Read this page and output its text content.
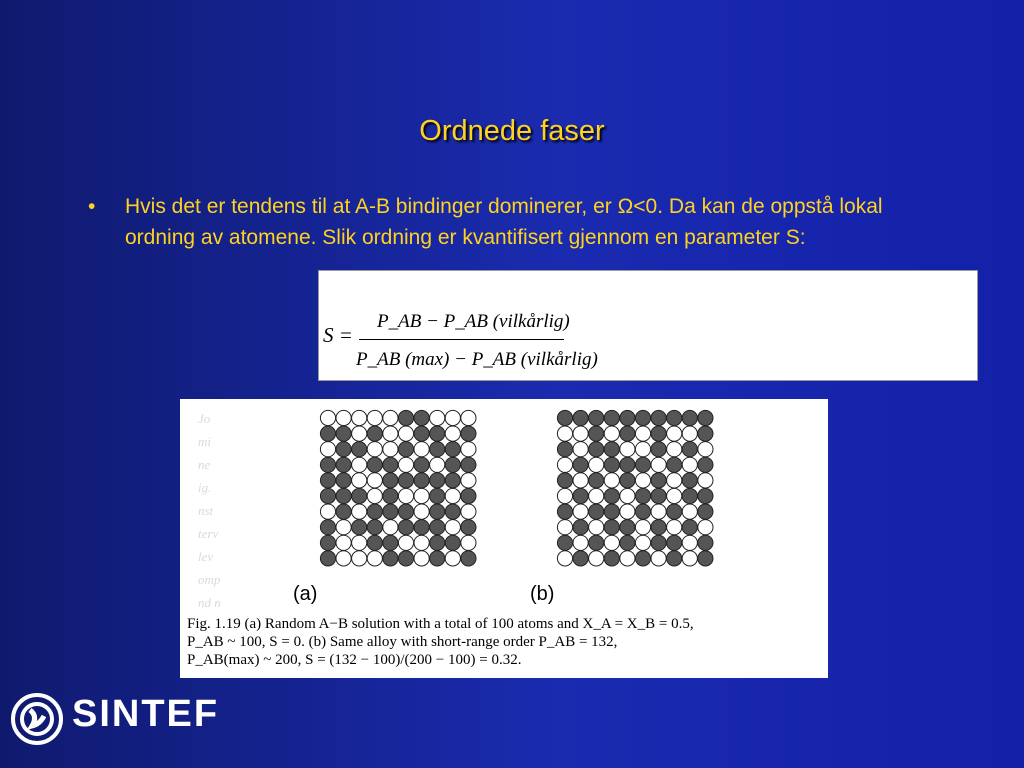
Ordnede faser
• Hvis det er tendens til at A-B bindinger dominerer, er Ω<0. Da kan de oppstå lokal ordning av atomene. Slik ordning er kvantifisert gjennom en parameter S:
S =
P_AB − P_AB (vilkårlig)
P_AB (max) − P_AB (vilkårlig)
Jo
mi
ne
ig.
nst
terv
lev
omp
nd n	(a)	(b)
Fig. 1.19 (a) Random A−B solution with a total of 100 atoms and X_A = X_B = 0.5,
P_AB ~ 100, S = 0. (b) Same alloy with short-range order P_AB = 132,
P_AB(max) ~ 200, S = (132 − 100)/(200 − 100) = 0.32.
SINTEF
